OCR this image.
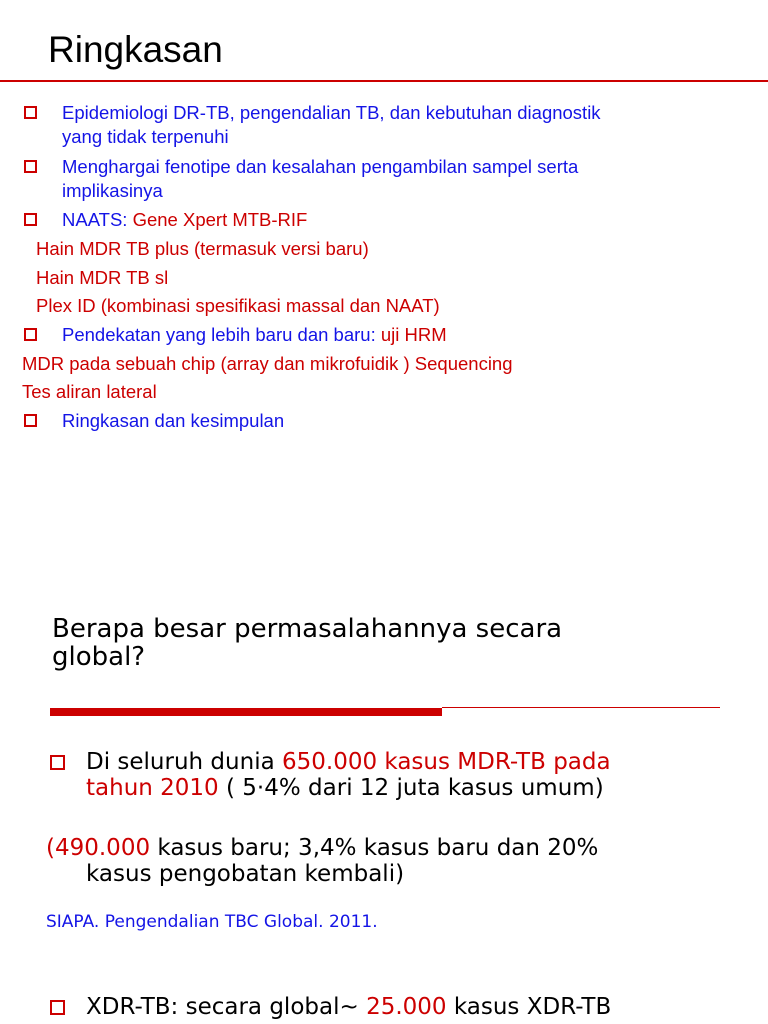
Ringkasan
Epidemiologi DR-TB, pengendalian TB, dan kebutuhan diagnostik
yang tidak terpenuhi
Menghargai fenotipe dan kesalahan pengambilan sampel serta
implikasinya
NAATS: Gene Xpert MTB-RIF
Hain MDR TB plus (termasuk versi baru)
Hain MDR TB sl
Plex ID (kombinasi spesifikasi massal dan NAAT)
Pendekatan yang lebih baru dan baru: uji HRM
MDR pada sebuah chip (array dan mikrofuidik ) Sequencing
Tes aliran lateral
Ringkasan dan kesimpulan
Berapa besar permasalahannya secara
global?
Di seluruh dunia 650.000 kasus MDR-TB pada
tahun 2010 ( 5·4% dari 12 juta kasus umum)
(490.000 kasus baru; 3,4% kasus baru dan 20%
kasus pengobatan kembali)
SIAPA. Pengendalian TBC Global. 2011.
XDR-TB: secara global~ 25.000 kasus XDR-TB
